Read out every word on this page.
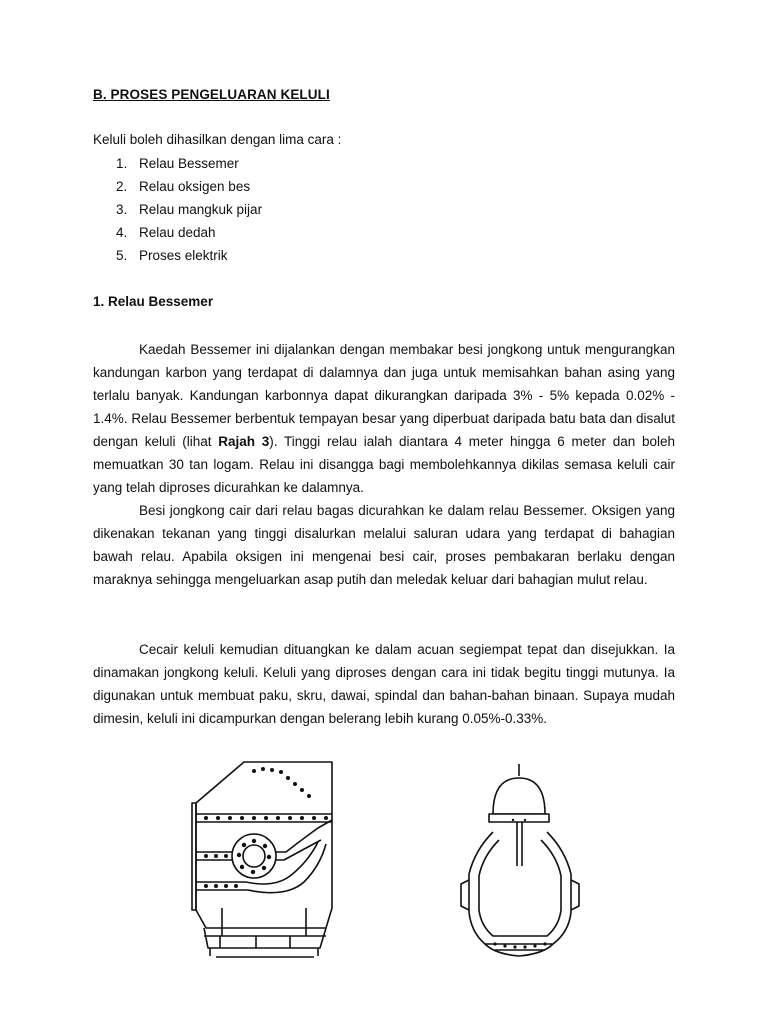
B. PROSES PENGELUARAN KELULI
Keluli boleh dihasilkan dengan lima cara :
1. Relau Bessemer
2. Relau oksigen bes
3. Relau mangkuk pijar
4. Relau dedah
5. Proses elektrik
1. Relau Bessemer

Kaedah Bessemer ini dijalankan dengan membakar besi jongkong untuk mengurangkan kandungan karbon yang terdapat di dalamnya dan juga untuk memisahkan bahan asing yang terlalu banyak. Kandungan karbonnya dapat dikurangkan daripada 3% - 5% kepada 0.02% - 1.4%. Relau Bessemer berbentuk tempayan besar yang diperbuat daripada batu bata dan disalut dengan keluli (lihat Rajah 3). Tinggi relau ialah diantara 4 meter hingga 6 meter dan boleh memuatkan 30 tan logam. Relau ini disangga bagi membolehkannya dikilas semasa keluli cair yang telah diproses dicurahkan ke dalamnya.

Besi jongkong cair dari relau bagas dicurahkan ke dalam relau Bessemer. Oksigen yang dikenakan tekanan yang tinggi disalurkan melalui saluran udara yang terdapat di bahagian bawah relau. Apabila oksigen ini mengenai besi cair, proses pembakaran berlaku dengan maraknya sehingga mengeluarkan asap putih dan meledak keluar dari bahagian mulut relau.

Cecair keluli kemudian dituangkan ke dalam acuan segiempat tepat dan disejukkan. Ia dinamakan jongkong keluli. Keluli yang diproses dengan cara ini tidak begitu tinggi mutunya. Ia digunakan untuk membuat paku, skru, dawai, spindal dan bahan-bahan binaan. Supaya mudah dimesin, keluli ini dicampurkan dengan belerang lebih kurang 0.05%-0.33%.
